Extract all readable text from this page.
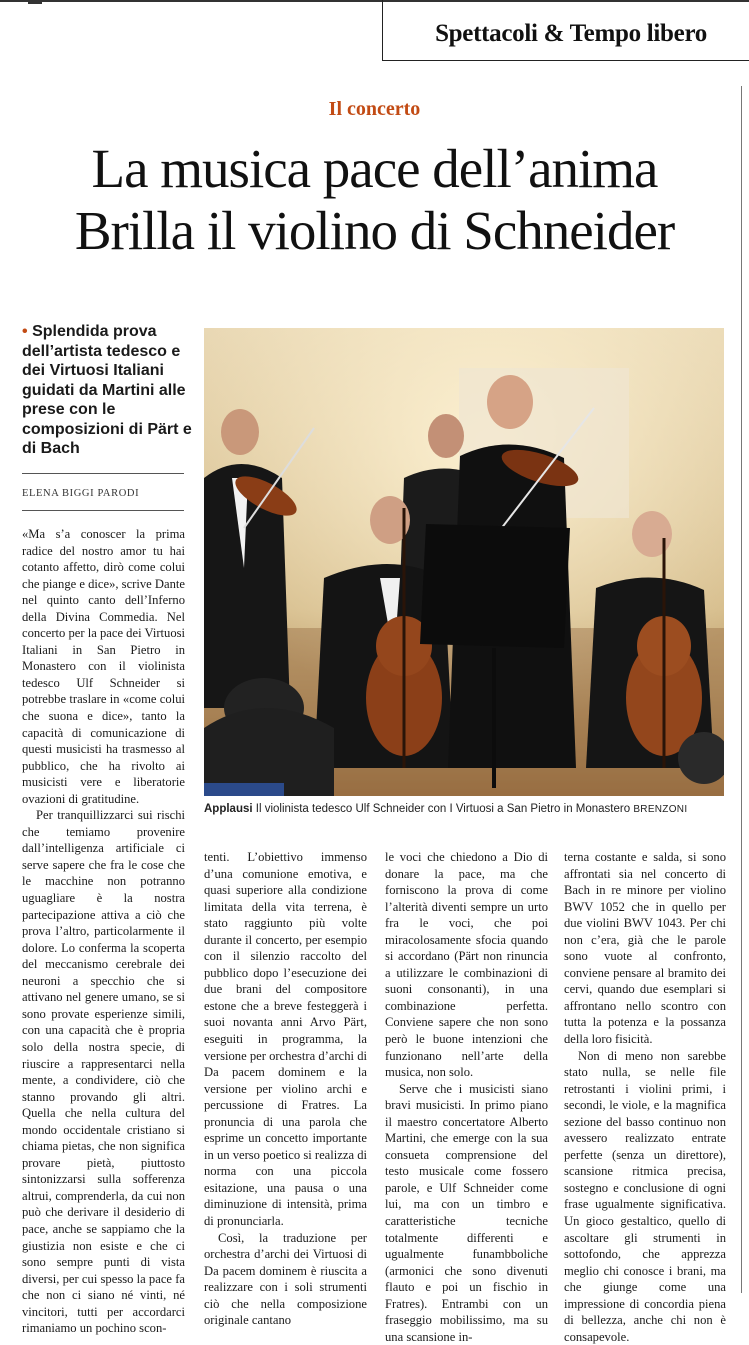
Spettacoli & Tempo libero
Il concerto
La musica pace dell’anima
Brilla il violino di Schneider
• Splendida prova dell’artista tedesco e dei Virtuosi Italiani guidati da Martini alle prese con le composizioni di Pärt e di Bach
ELENA BIGGI PARODI
Applausi Il violinista tedesco Ulf Schneider con I Virtuosi a San Pietro in Monastero BRENZONI

«Ma s’a conoscer la prima radice del nostro amor tu hai cotanto affetto, dirò come colui che piange e dice», scrive Dante nel quinto canto dell’Inferno della Divina Commedia. Nel concerto per la pace dei Virtuosi Italiani in San Pietro in Monastero con il violinista tedesco Ulf Schneider si potrebbe traslare in «come colui che suona e dice», tanto la capacità di comunicazione di questi musicisti ha trasmesso al pubblico, che ha rivolto ai musicisti vere e liberatorie ovazioni di gratitudine.

Per tranquillizzarci sui rischi che temiamo provenire dall’intelligenza artificiale ci serve sapere che fra le cose che le macchine non potranno uguagliare è la nostra partecipazione attiva a ciò che prova l’altro, particolarmente il dolore. Lo conferma la scoperta del meccanismo cerebrale dei neuroni a specchio che si attivano nel genere umano, se si sono provate esperienze simili, con una capacità che è propria solo della nostra specie, di riuscire a rappresentarci nella mente, a condividere, ciò che stanno provando gli altri. Quella che nella cultura del mondo occidentale cristiano si chiama pietas, che non significa provare pietà, piuttosto sintonizzarsi sulla sofferenza altrui, comprenderla, da cui non può che derivare il desiderio di pace, anche se sappiamo che la giustizia non esiste e che ci sono sempre punti di vista diversi, per cui spesso la pace fa che non ci siano né vinti, né vincitori, tutti per accordarci rimaniamo un pochino scon-

tenti. L’obiettivo immenso d’una comunione emotiva, e quasi superiore alla condizione limitata della vita terrena, è stato raggiunto più volte durante il concerto, per esempio con il silenzio raccolto del pubblico dopo l’esecuzione dei due brani del compositore estone che a breve festeggerà i suoi novanta anni Arvo Pärt, eseguiti in programma, la versione per orchestra d’archi di Da pacem dominem e la versione per violino archi e percussione di Fratres. La pronuncia di una parola che esprime un concetto importante in un verso poetico si realizza di norma con una piccola esitazione, una pausa o una diminuzione di intensità, prima di pronunciarla.

Così, la traduzione per orchestra d’archi dei Virtuosi di Da pacem dominem è riuscita a realizzare con i soli strumenti ciò che nella composizione originale cantano

le voci che chiedono a Dio di donare la pace, ma che forniscono la prova di come l’alterità diventi sempre un urto fra le voci, che poi miracolosamente sfocia quando si accordano (Pärt non rinuncia a utilizzare le combinazioni di suoni consonanti), in una combinazione perfetta. Conviene sapere che non sono però le buone intenzioni che funzionano nell’arte della musica, non solo.

Serve che i musicisti siano bravi musicisti. In primo piano il maestro concertatore Alberto Martini, che emerge con la sua consueta comprensione del testo musicale come fossero parole, e Ulf Schneider come lui, ma con un timbro e caratteristiche tecniche totalmente differenti e ugualmente funambboliche (armonici che sono divenuti flauto e poi un fischio in Fratres). Entrambi con un fraseggio mobilissimo, ma su una scansione in-

terna costante e salda, si sono affrontati sia nel concerto di Bach in re minore per violino BWV 1052 che in quello per due violini BWV 1043. Per chi non c’era, già che le parole sono vuote al confronto, conviene pensare al bramito dei cervi, quando due esemplari si affrontano nello scontro con tutta la potenza e la possanza della loro fisicità.

Non di meno non sarebbe stato nulla, se nelle file retrostanti i violini primi, i secondi, le viole, e la magnifica sezione del basso continuo non avessero realizzato entrate perfette (senza un direttore), scansione ritmica precisa, sostegno e conclusione di ogni frase ugualmente significativa. Un gioco gestaltico, quello di ascoltare gli strumenti in sottofondo, che apprezza meglio chi conosce i brani, ma che giunge come una impressione di concordia piena di bellezza, anche chi non è consapevole.
